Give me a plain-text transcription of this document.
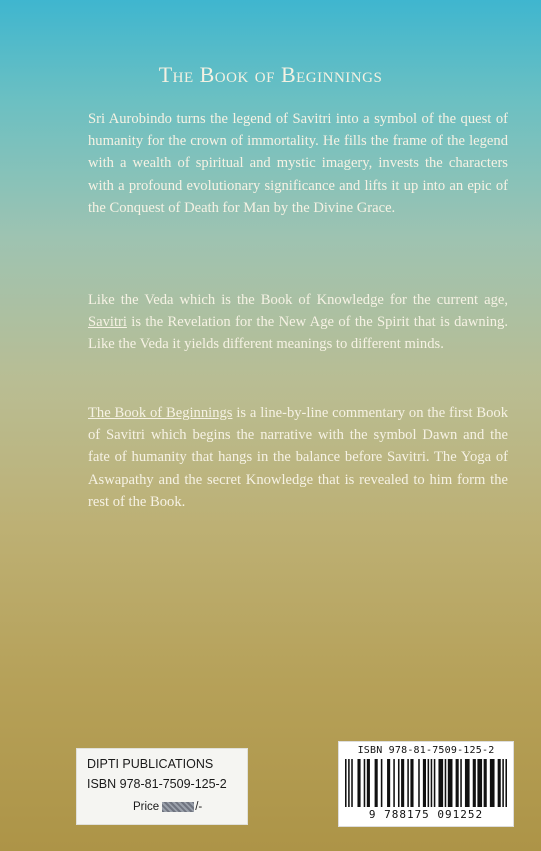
The Book of Beginnings

Sri Aurobindo turns the legend of Savitri into a symbol of the quest of humanity for the crown of immortality. He fills the frame of the legend with a wealth of spiritual and mystic imagery, invests the characters with a profound evolutionary significance and lifts it up into an epic of the Conquest of Death for Man by the Divine Grace.

Like the Veda which is the Book of Knowledge for the current age, Savitri is the Revelation for the New Age of the Spirit that is dawning. Like the Veda it yields different meanings to different minds.

The Book of Beginnings is a line-by-line commentary on the first Book of Savitri which begins the narrative with the symbol Dawn and the fate of humanity that hangs in the balance before Savitri. The Yoga of Aswapathy and the secret Knowledge that is revealed to him form the rest of the Book.

DIPTI PUBLICATIONS
ISBN 978-81-7509-125-2
Price	/-
ISBN 978-81-7509-125-2
9 788175 091252
